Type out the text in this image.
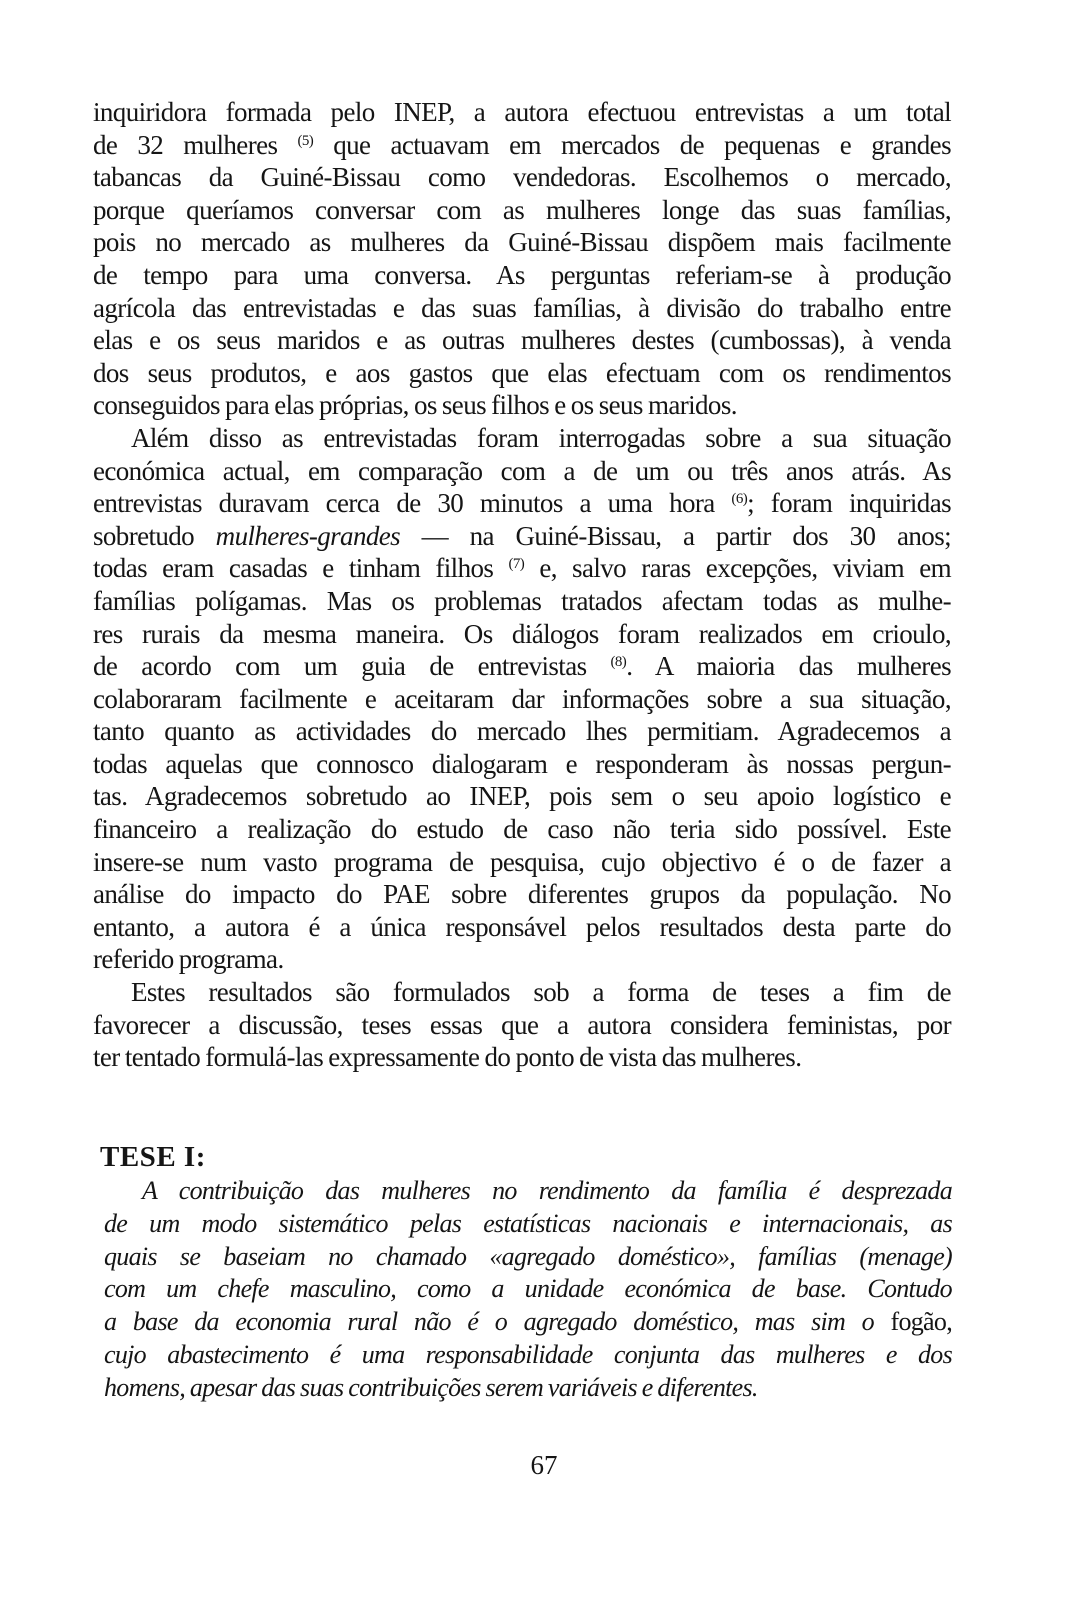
inquiridora formada pelo INEP, a autora efectuou entrevistas a um total
de 32 mulheres $^{(5)}$ que actuavam em mercados de pequenas e grandes
tabancas da Guiné-Bissau como vendedoras. Escolhemos o mercado,
porque queríamos conversar com as mulheres longe das suas famílias,
pois no mercado as mulheres da Guiné-Bissau dispõem mais facilmente
de tempo para uma conversa. As perguntas referiam-se à produção
agrícola das entrevistadas e das suas famílias, à divisão do trabalho entre
elas e os seus maridos e as outras mulheres destes (cumbossas), à venda
dos seus produtos, e aos gastos que elas efectuam com os rendimentos
conseguidos para elas próprias, os seus filhos e os seus maridos.

Além disso as entrevistadas foram interrogadas sobre a sua situação
económica actual, em comparação com a de um ou três anos atrás. As
entrevistas duravam cerca de 30 minutos a uma hora $^{(6)}$; foram inquiridas
sobretudo mulheres-grandes — na Guiné-Bissau, a partir dos 30 anos;
todas eram casadas e tinham filhos $^{(7)}$ e, salvo raras excepções, viviam em
famílias polígamas. Mas os problemas tratados afectam todas as mulhe-
res rurais da mesma maneira. Os diálogos foram realizados em crioulo,
de acordo com um guia de entrevistas $^{(8)}$. A maioria das mulheres
colaboraram facilmente e aceitaram dar informações sobre a sua situação,
tanto quanto as actividades do mercado lhes permitiam. Agradecemos a
todas aquelas que connosco dialogaram e responderam às nossas pergun-
tas. Agradecemos sobretudo ao INEP, pois sem o seu apoio logístico e
financeiro a realização do estudo de caso não teria sido possível. Este
insere-se num vasto programa de pesquisa, cujo objectivo é o de fazer a
análise do impacto do PAE sobre diferentes grupos da população. No
entanto, a autora é a única responsável pelos resultados desta parte do
referido programa.

Estes resultados são formulados sob a forma de teses a fim de
favorecer a discussão, teses essas que a autora considera feministas, por
ter tentado formulá-las expressamente do ponto de vista das mulheres.

TESE I:
A contribuição das mulheres no rendimento da família é desprezada
de um modo sistemático pelas estatísticas nacionais e internacionais, as
quais se baseiam no chamado «agregado doméstico», famílias (menage)
com um chefe masculino, como a unidade económica de base. Contudo
a base da economia rural não é o agregado doméstico, mas sim o fogão,
cujo abastecimento é uma responsabilidade conjunta das mulheres e dos
homens, apesar das suas contribuições serem variáveis e diferentes.
67
